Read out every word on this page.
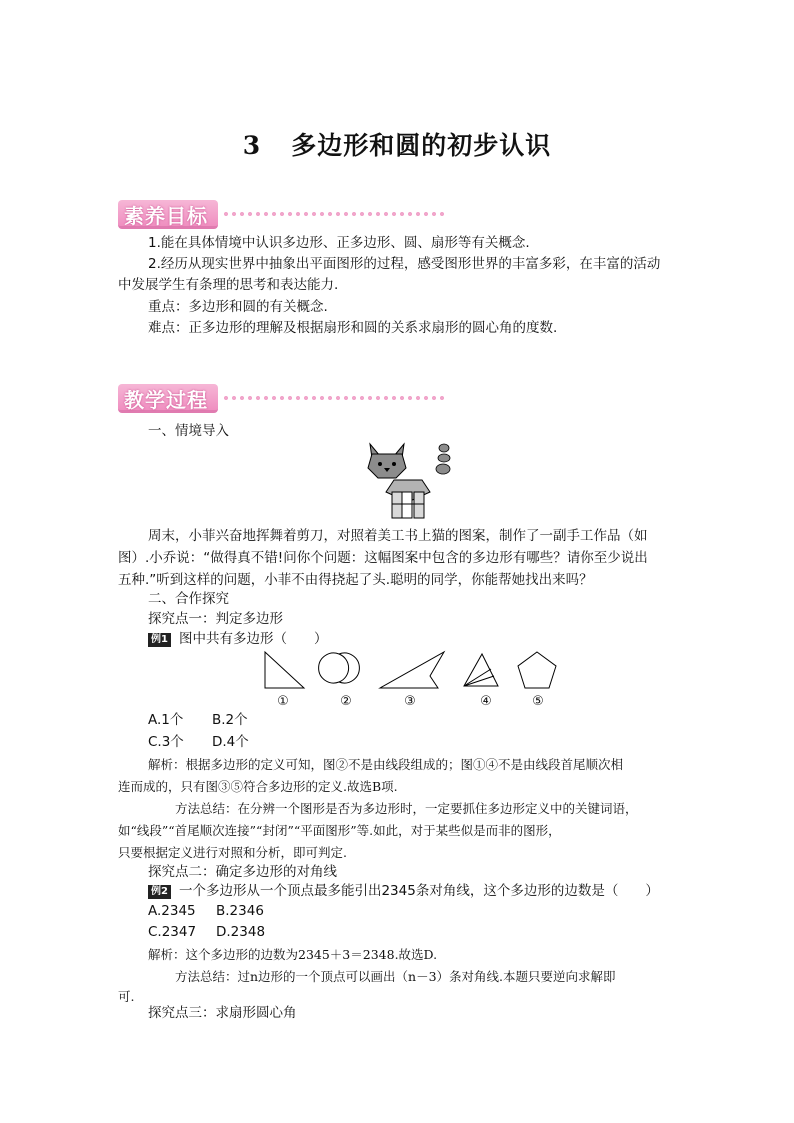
3 多边形和圆的初步认识
素养目标
1.能在具体情境中认识多边形、正多边形、圆、扇形等有关概念.
2.经历从现实世界中抽象出平面图形的过程，感受图形世界的丰富多彩，在丰富的活动
中发展学生有条理的思考和表达能力.
重点：多边形和圆的有关概念.
难点：正多边形的理解及根据扇形和圆的关系求扇形的圆心角的度数.
教学过程
一、情境导入
周末，小菲兴奋地挥舞着剪刀，对照着美工书上猫的图案，制作了一副手工作品（如
图）.小乔说：“做得真不错!问你个问题：这幅图案中包含的多边形有哪些？请你至少说出
五种.”听到这样的问题，小菲不由得挠起了头.聪明的同学，你能帮她找出来吗？
二、合作探究
探究点一：判定多边形
例1 图中共有多边形（　　）
①	②	③	④	⑤
A.1个 B.2个
C.3个 D.4个
解析：根据多边形的定义可知，图②不是由线段组成的；图①④不是由线段首尾顺次相
连而成的，只有图③⑤符合多边形的定义.故选B项.
方法总结：在分辨一个图形是否为多边形时，一定要抓住多边形定义中的关键词语，
如“线段”“首尾顺次连接”“封闭”“平面图形”等.如此，对于某些似是而非的图形，
只要根据定义进行对照和分析，即可判定.
探究点二：确定多边形的对角线
例2 一个多边形从一个顶点最多能引出2345条对角线，这个多边形的边数是（　　）
A.2345 B.2346
C.2347 D.2348
解析：这个多边形的边数为2345＋3＝2348.故选D.
方法总结：过n边形的一个顶点可以画出（n－3）条对角线.本题只要逆向求解即
可.
探究点三：求扇形圆心角
